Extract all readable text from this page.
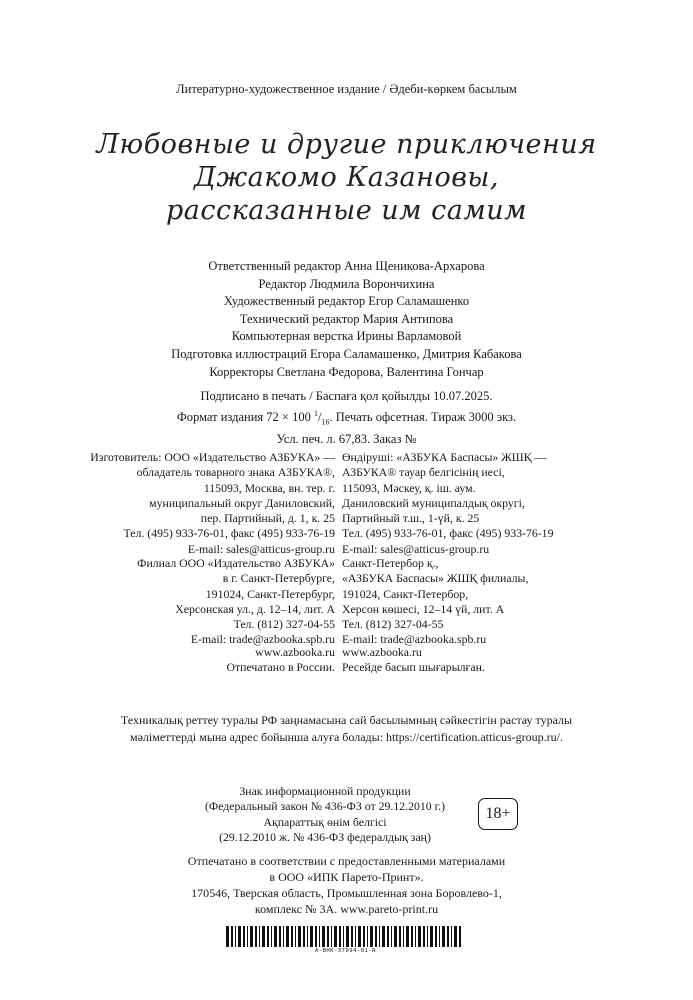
Литературно-художественное издание / Әдеби-көркем басылым
Любовные и другие приключения
Джакомо Казановы,
рассказанные им самим
Ответственный редактор Анна Щеникова-Архарова
Редактор Людмила Ворончихина
Художественный редактор Егор Саламашенко
Технический редактор Мария Антипова
Компьютерная верстка Ирины Варламовой
Подготовка иллюстраций Егора Саламашенко, Дмитрия Кабакова
Корректоры Светлана Федорова, Валентина Гончар
Подписано в печать / Баспаға қол қойылды 10.07.2025.
Формат издания 72 × 100 $^1/_{16}$. Печать офсетная. Тираж 3000 экз.
Усл. печ. л. 67,83. Заказ №
Изготовитель: ООО «Издательство АЗБУКА» —
обладатель товарного знака АЗБУКА®,
115093, Москва, вн. тер. г.
муниципальный округ Даниловский,
пер. Партийный, д. 1, к. 25
Тел. (495) 933-76-01, факс (495) 933-76-19
E-mail: sales@atticus-group.ru
Өндіруші: «АЗБУКА Баспасы» ЖШҚ —
АЗБУКА® тауар белгісінің иесі,
115093, Мәскеу, қ. іш. аум.
Даниловский муниципалдық округі,
Партийный т.ш., 1-үй, к. 25
Тел. (495) 933-76-01, факс (495) 933-76-19
E-mail: sales@atticus-group.ru
Филиал ООО «Издательство АЗБУКА»
в г. Санкт-Петербурге,
191024, Санкт-Петербург,
Херсонская ул., д. 12–14, лит. А
Тел. (812) 327-04-55
E-mail: trade@azbooka.spb.ru
Санкт-Петербор қ.,
«АЗБУКА Баспасы» ЖШҚ филиалы,
191024, Санкт-Петербор,
Херсон көшесі, 12–14 үй, лит. А
Тел. (812) 327-04-55
E-mail: trade@azbooka.spb.ru
www.azbooka.ru
Отпечатано в России.
www.azbooka.ru
Ресейде басып шығарылған.
Техникалық реттеу туралы РФ заңнамасына сай басылымның сәйкестігін растау туралы
мәліметтерді мына адрес бойынша алуға болады: https://certification.atticus-group.ru/.
Знак информационной продукции
(Федеральный закон № 436-ФЗ от 29.12.2010 г.)
Ақпараттық өнім белгісі
(29.12.2010 ж. № 436-ФЗ федералдық заң)
18+
Отпечатано в соответствии с предоставленными материалами
в ООО «ИПК Парето-Принт».
170546, Тверская область, Промышленная зона Боровлево-1,
комплекс № 3А. www.pareto-print.ru
A-BHK-37094-01-R
